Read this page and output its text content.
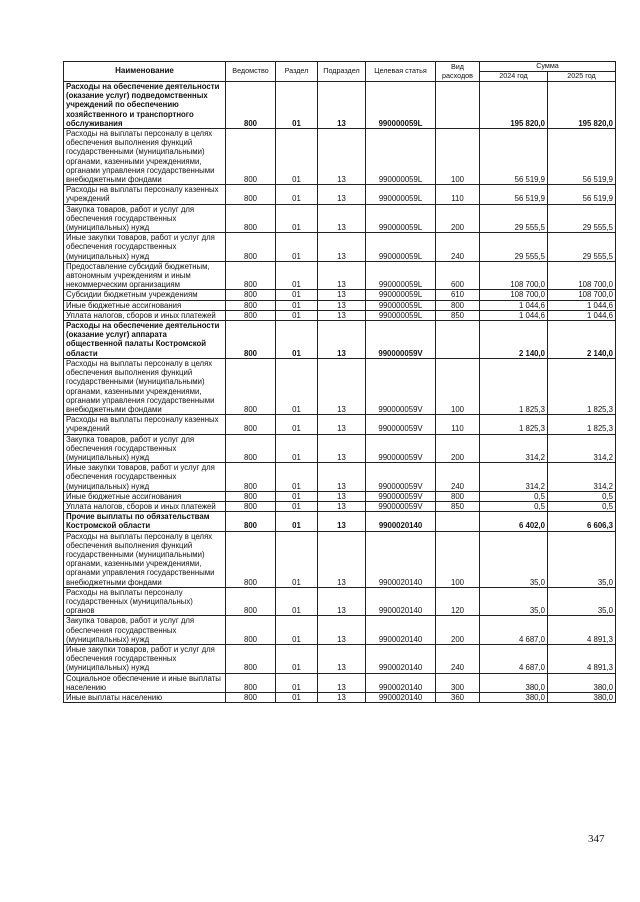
Наименование	Ведомство	Раздел	Подраздел	Целевая статья	Вид расходов	Сумма	
						2024 год	2025 год
Расходы на обеспечение деятельности (оказание услуг) подведомственных учреждений по обеспечению хозяйственного и транспортного обслуживания	800	01	13	990000059L		195 820,0	195 820,0
Расходы на выплаты персоналу в целях обеспечения выполнения функций государственными (муниципальными) органами, казенными учреждениями, органами управления государственными внебюджетными фондами	800	01	13	990000059L	100	56 519,9	56 519,9
Расходы на выплаты персоналу казенных учреждений	800	01	13	990000059L	110	56 519,9	56 519,9
Закупка товаров, работ и услуг для обеспечения государственных (муниципальных) нужд	800	01	13	990000059L	200	29 555,5	29 555,5
Иные закупки товаров, работ и услуг для обеспечения государственных (муниципальных) нужд	800	01	13	990000059L	240	29 555,5	29 555,5
Предоставление субсидий бюджетным, автономным учреждениям и иным некоммерческим организациям	800	01	13	990000059L	600	108 700,0	108 700,0
Субсидии бюджетным учреждениям	800	01	13	990000059L	610	108 700,0	108 700,0
Иные бюджетные ассигнования	800	01	13	990000059L	800	1 044,6	1 044,6
Уплата налогов, сборов и иных платежей	800	01	13	990000059L	850	1 044,6	1 044,6
Расходы на обеспечение деятельности (оказание услуг) аппарата общественной палаты Костромской области	800	01	13	990000059V		2 140,0	2 140,0
Расходы на выплаты персоналу в целях обеспечения выполнения функций государственными (муниципальными) органами, казенными учреждениями, органами управления государственными внебюджетными фондами	800	01	13	990000059V	100	1 825,3	1 825,3
Расходы на выплаты персоналу казенных учреждений	800	01	13	990000059V	110	1 825,3	1 825,3
Закупка товаров, работ и услуг для обеспечения государственных (муниципальных) нужд	800	01	13	990000059V	200	314,2	314,2
Иные закупки товаров, работ и услуг для обеспечения государственных (муниципальных) нужд	800	01	13	990000059V	240	314,2	314,2
Иные бюджетные ассигнования	800	01	13	990000059V	800	0,5	0,5
Уплата налогов, сборов и иных платежей	800	01	13	990000059V	850	0,5	0,5
Прочие выплаты по обязательствам Костромской области	800	01	13	9900020140		6 402,0	6 606,3
Расходы на выплаты персоналу в целях обеспечения выполнения функций государственными (муниципальными) органами, казенными учреждениями, органами управления государственными внебюджетными фондами	800	01	13	9900020140	100	35,0	35,0
Расходы на выплаты персоналу государственных (муниципальных) органов	800	01	13	9900020140	120	35,0	35,0
Закупка товаров, работ и услуг для обеспечения государственных (муниципальных) нужд	800	01	13	9900020140	200	4 687,0	4 891,3
Иные закупки товаров, работ и услуг для обеспечения государственных (муниципальных) нужд	800	01	13	9900020140	240	4 687,0	4 891,3
Социальное обеспечение и иные выплаты населению	800	01	13	9900020140	300	380,0	380,0
Иные выплаты населению	800	01	13	9900020140	360	380,0	380,0
347
